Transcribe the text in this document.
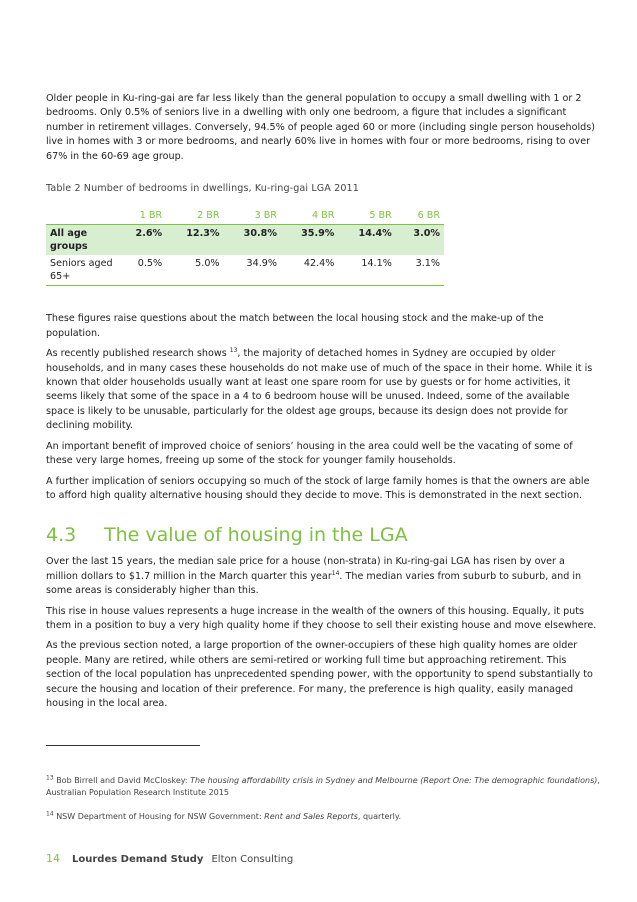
Older people in Ku-ring-gai are far less likely than the general population to occupy a small dwelling with 1 or 2 bedrooms. Only 0.5% of seniors live in a dwelling with only one bedroom, a figure that includes a significant number in retirement villages. Conversely, 94.5% of people aged 60 or more (including single person households) live in homes with 3 or more bedrooms, and nearly 60% live in homes with four or more bedrooms, rising to over 67% in the 60-69 age group.

Table 2 Number of bedrooms in dwellings, Ku-ring-gai LGA 2011
	1 BR	2 BR	3 BR	4 BR	5 BR	6 BR
All age groups	2.6%	12.3%	30.8%	35.9%	14.4%	3.0%
Seniors aged 65+	0.5%	5.0%	34.9%	42.4%	14.1%	3.1%

These figures raise questions about the match between the local housing stock and the make-up of the population.

As recently published research shows $^{13}$, the majority of detached homes in Sydney are occupied by older households, and in many cases these households do not make use of much of the space in their home. While it is known that older households usually want at least one spare room for use by guests or for home activities, it seems likely that some of the space in a 4 to 6 bedroom house will be unused. Indeed, some of the available space is likely to be unusable, particularly for the oldest age groups, because its design does not provide for declining mobility.

An important benefit of improved choice of seniors’ housing in the area could well be the vacating of some of these very large homes, freeing up some of the stock for younger family households.

A further implication of seniors occupying so much of the stock of large family homes is that the owners are able to afford high quality alternative housing should they decide to move. This is demonstrated in the next section.

4.3 The value of housing in the LGA

Over the last 15 years, the median sale price for a house (non-strata) in Ku-ring-gai LGA has risen by over a million dollars to $1.7 million in the March quarter this year$^{14}$. The median varies from suburb to suburb, and in some areas is considerably higher than this.

This rise in house values represents a huge increase in the wealth of the owners of this housing. Equally, it puts them in a position to buy a very high quality home if they choose to sell their existing house and move elsewhere.

As the previous section noted, a large proportion of the owner-occupiers of these high quality homes are older people. Many are retired, while others are semi-retired or working full time but approaching retirement. This section of the local population has unprecedented spending power, with the opportunity to spend substantially to secure the housing and location of their preference. For many, the preference is high quality, easily managed housing in the local area.

$^{13}$ Bob Birrell and David McCloskey: The housing affordability crisis in Sydney and Melbourne (Report One: The demographic foundations), Australian Population Research Institute 2015

$^{14}$ NSW Department of Housing for NSW Government: Rent and Sales Reports, quarterly.

14 Lourdes Demand Study Elton Consulting
